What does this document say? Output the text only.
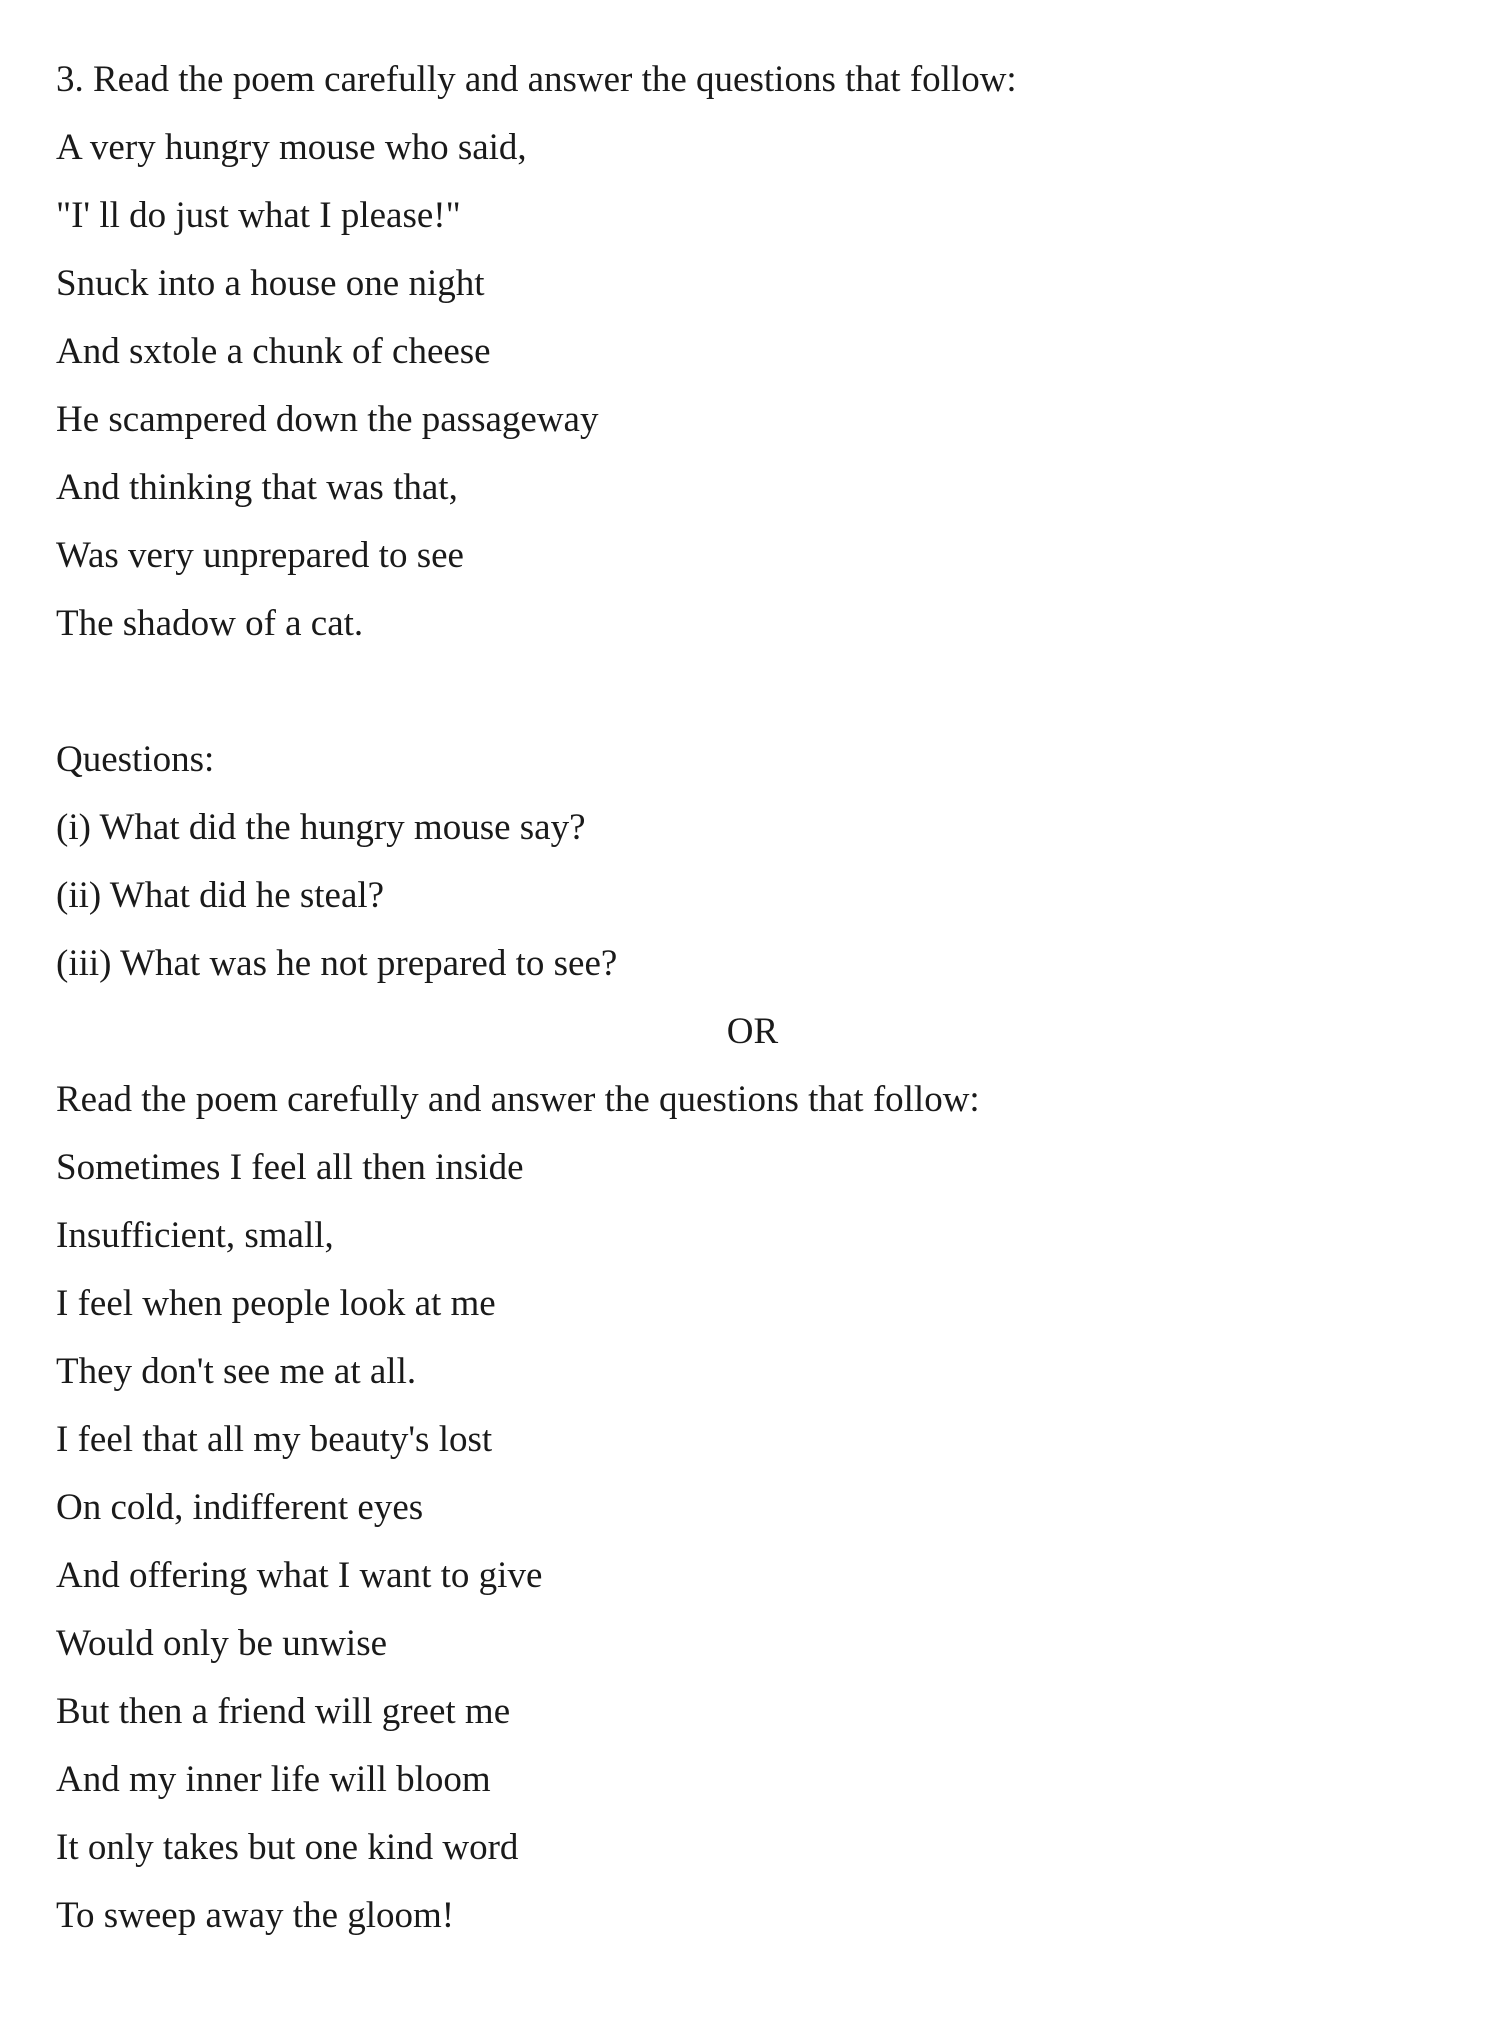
3. Read the poem carefully and answer the questions that follow:
A very hungry mouse who said,
"I' ll do just what I please!"
Snuck into a house one night
And sxtole a chunk of cheese
He scampered down the passageway
And thinking that was that,
Was very unprepared to see
The shadow of a cat.
Questions:
(i) What did the hungry mouse say?
(ii) What did he steal?
(iii) What was he not prepared to see?
OR
Read the poem carefully and answer the questions that follow:
Sometimes I feel all then inside
Insufficient, small,
I feel when people look at me
They don't see me at all.
I feel that all my beauty's lost
On cold, indifferent eyes
And offering what I want to give
Would only be unwise
But then a friend will greet me
And my inner life will bloom
It only takes but one kind word
To sweep away the gloom!
